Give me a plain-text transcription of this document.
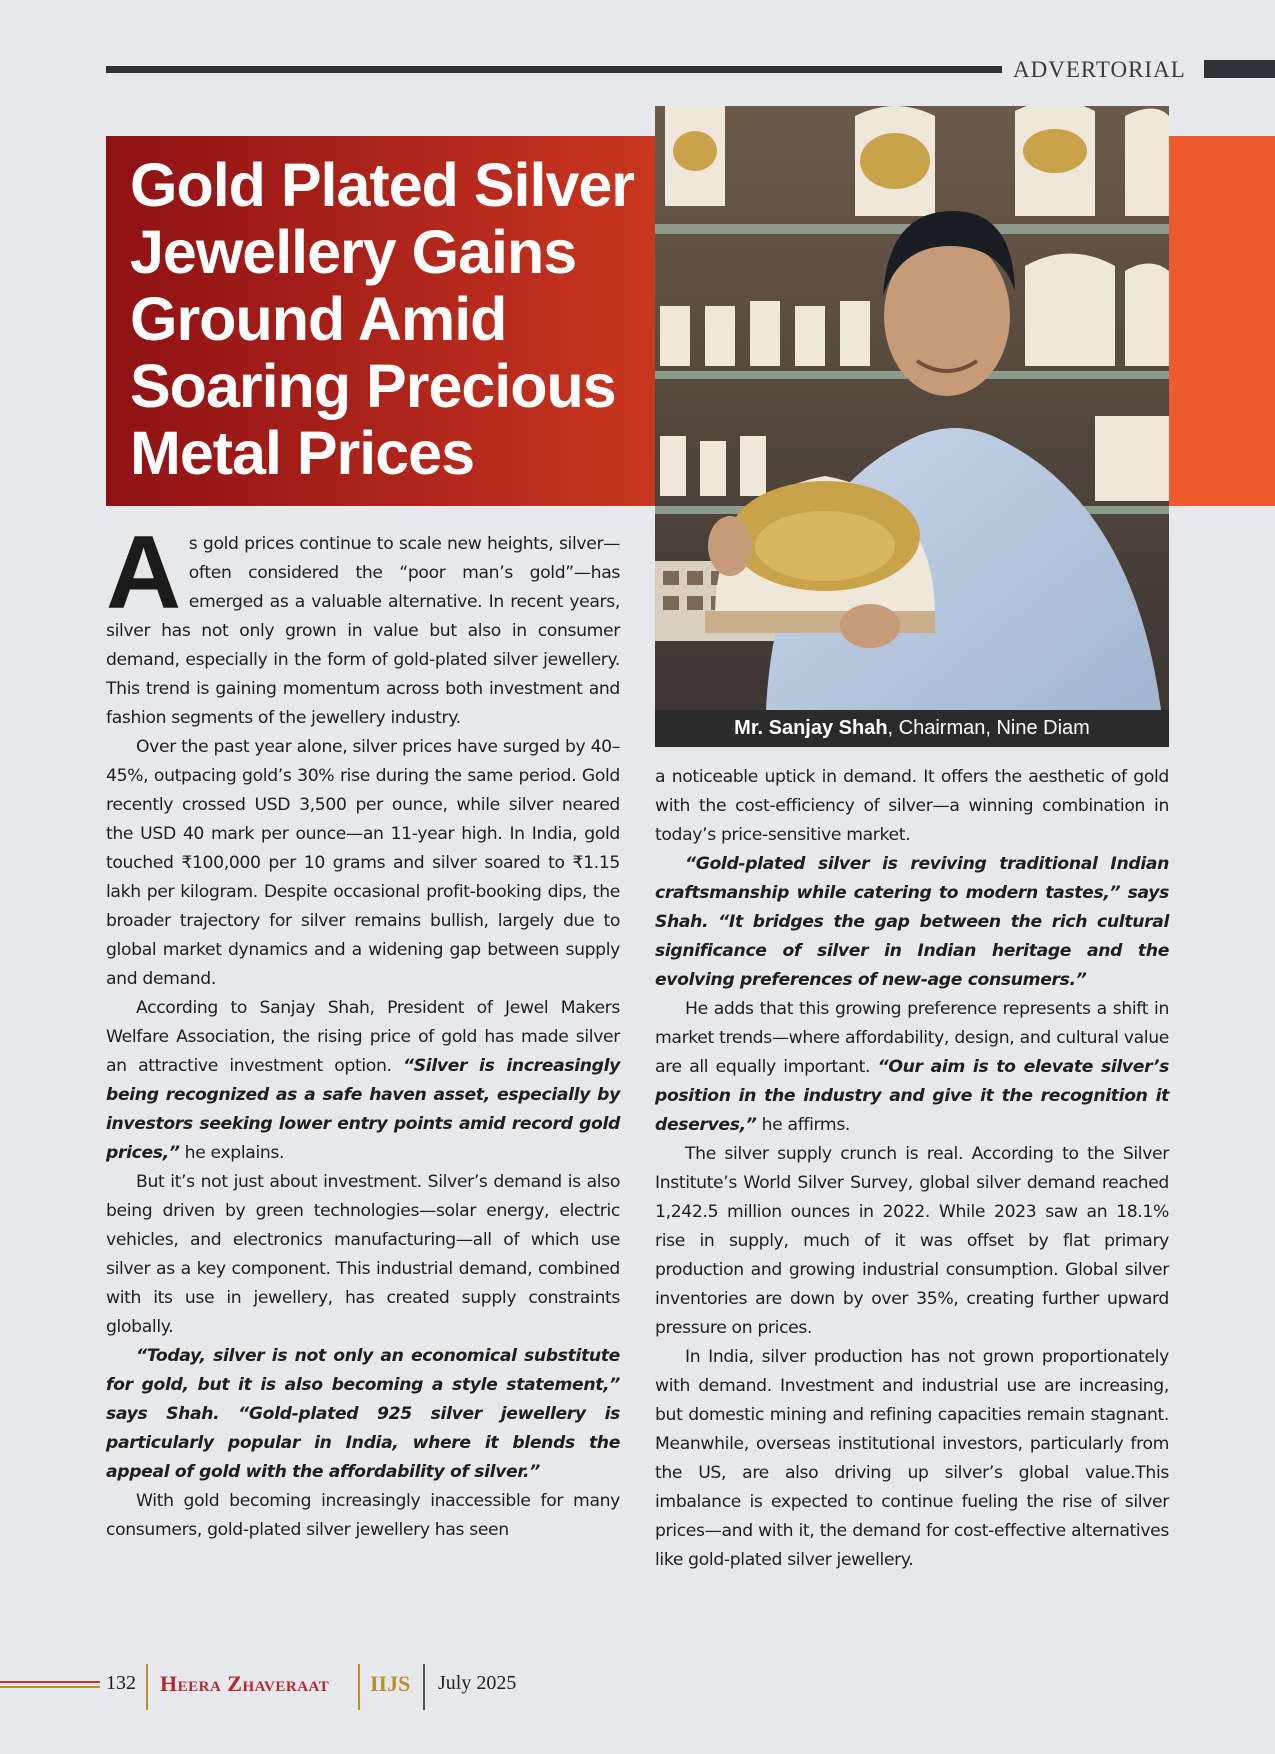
ADVERTORIAL
Gold Plated Silver Jewellery Gains Ground Amid Soaring Precious Metal Prices
Mr. Sanjay Shah, Chairman, Nine Diam

As gold prices continue to scale new heights, silver—often considered the “poor man’s gold”—has emerged as a valuable alternative. In recent years, silver has not only grown in value but also in consumer demand, especially in the form of gold-plated silver jewellery. This trend is gaining momentum across both investment and fashion segments of the jewellery industry.

Over the past year alone, silver prices have surged by 40–45%, outpacing gold’s 30% rise during the same period. Gold recently crossed USD 3,500 per ounce, while silver neared the USD 40 mark per ounce—an 11-year high. In India, gold touched ₹100,000 per 10 grams and silver soared to ₹1.15 lakh per kilogram. Despite occasional profit-booking dips, the broader trajectory for silver remains bullish, largely due to global market dynamics and a widening gap between supply and demand.

According to Sanjay Shah, President of Jewel Makers Welfare Association, the rising price of gold has made silver an attractive investment option. “Silver is increasingly being recognized as a safe haven asset, especially by investors seeking lower entry points amid record gold prices,” he explains.

But it’s not just about investment. Silver’s demand is also being driven by green technologies—solar energy, electric vehicles, and electronics manufacturing—all of which use silver as a key component. This industrial demand, combined with its use in jewellery, has created supply constraints globally.

“Today, silver is not only an economical substitute for gold, but it is also becoming a style statement,” says Shah. “Gold-plated 925 silver jewellery is particularly popular in India, where it blends the appeal of gold with the affordability of silver.”

With gold becoming increasingly inaccessible for many consumers, gold-plated silver jewellery has seen

a noticeable uptick in demand. It offers the aesthetic of gold with the cost-efficiency of silver—a winning combination in today’s price-sensitive market.

“Gold-plated silver is reviving traditional Indian craftsmanship while catering to modern tastes,” says Shah. “It bridges the gap between the rich cultural significance of silver in Indian heritage and the evolving preferences of new-age consumers.”

He adds that this growing preference represents a shift in market trends—where affordability, design, and cultural value are all equally important. “Our aim is to elevate silver’s position in the industry and give it the recognition it deserves,” he affirms.

The silver supply crunch is real. According to the Silver Institute’s World Silver Survey, global silver demand reached 1,242.5 million ounces in 2022. While 2023 saw an 18.1% rise in supply, much of it was offset by flat primary production and growing industrial consumption. Global silver inventories are down by over 35%, creating further upward pressure on prices.

In India, silver production has not grown proportionately with demand. Investment and industrial use are increasing, but domestic mining and refining capacities remain stagnant. Meanwhile, overseas institutional investors, particularly from the US, are also driving up silver’s global value.This imbalance is expected to continue fueling the rise of silver prices—and with it, the demand for cost-effective alternatives like gold-plated silver jewellery.

132 Heera Zhaveraat IIJS July 2025
